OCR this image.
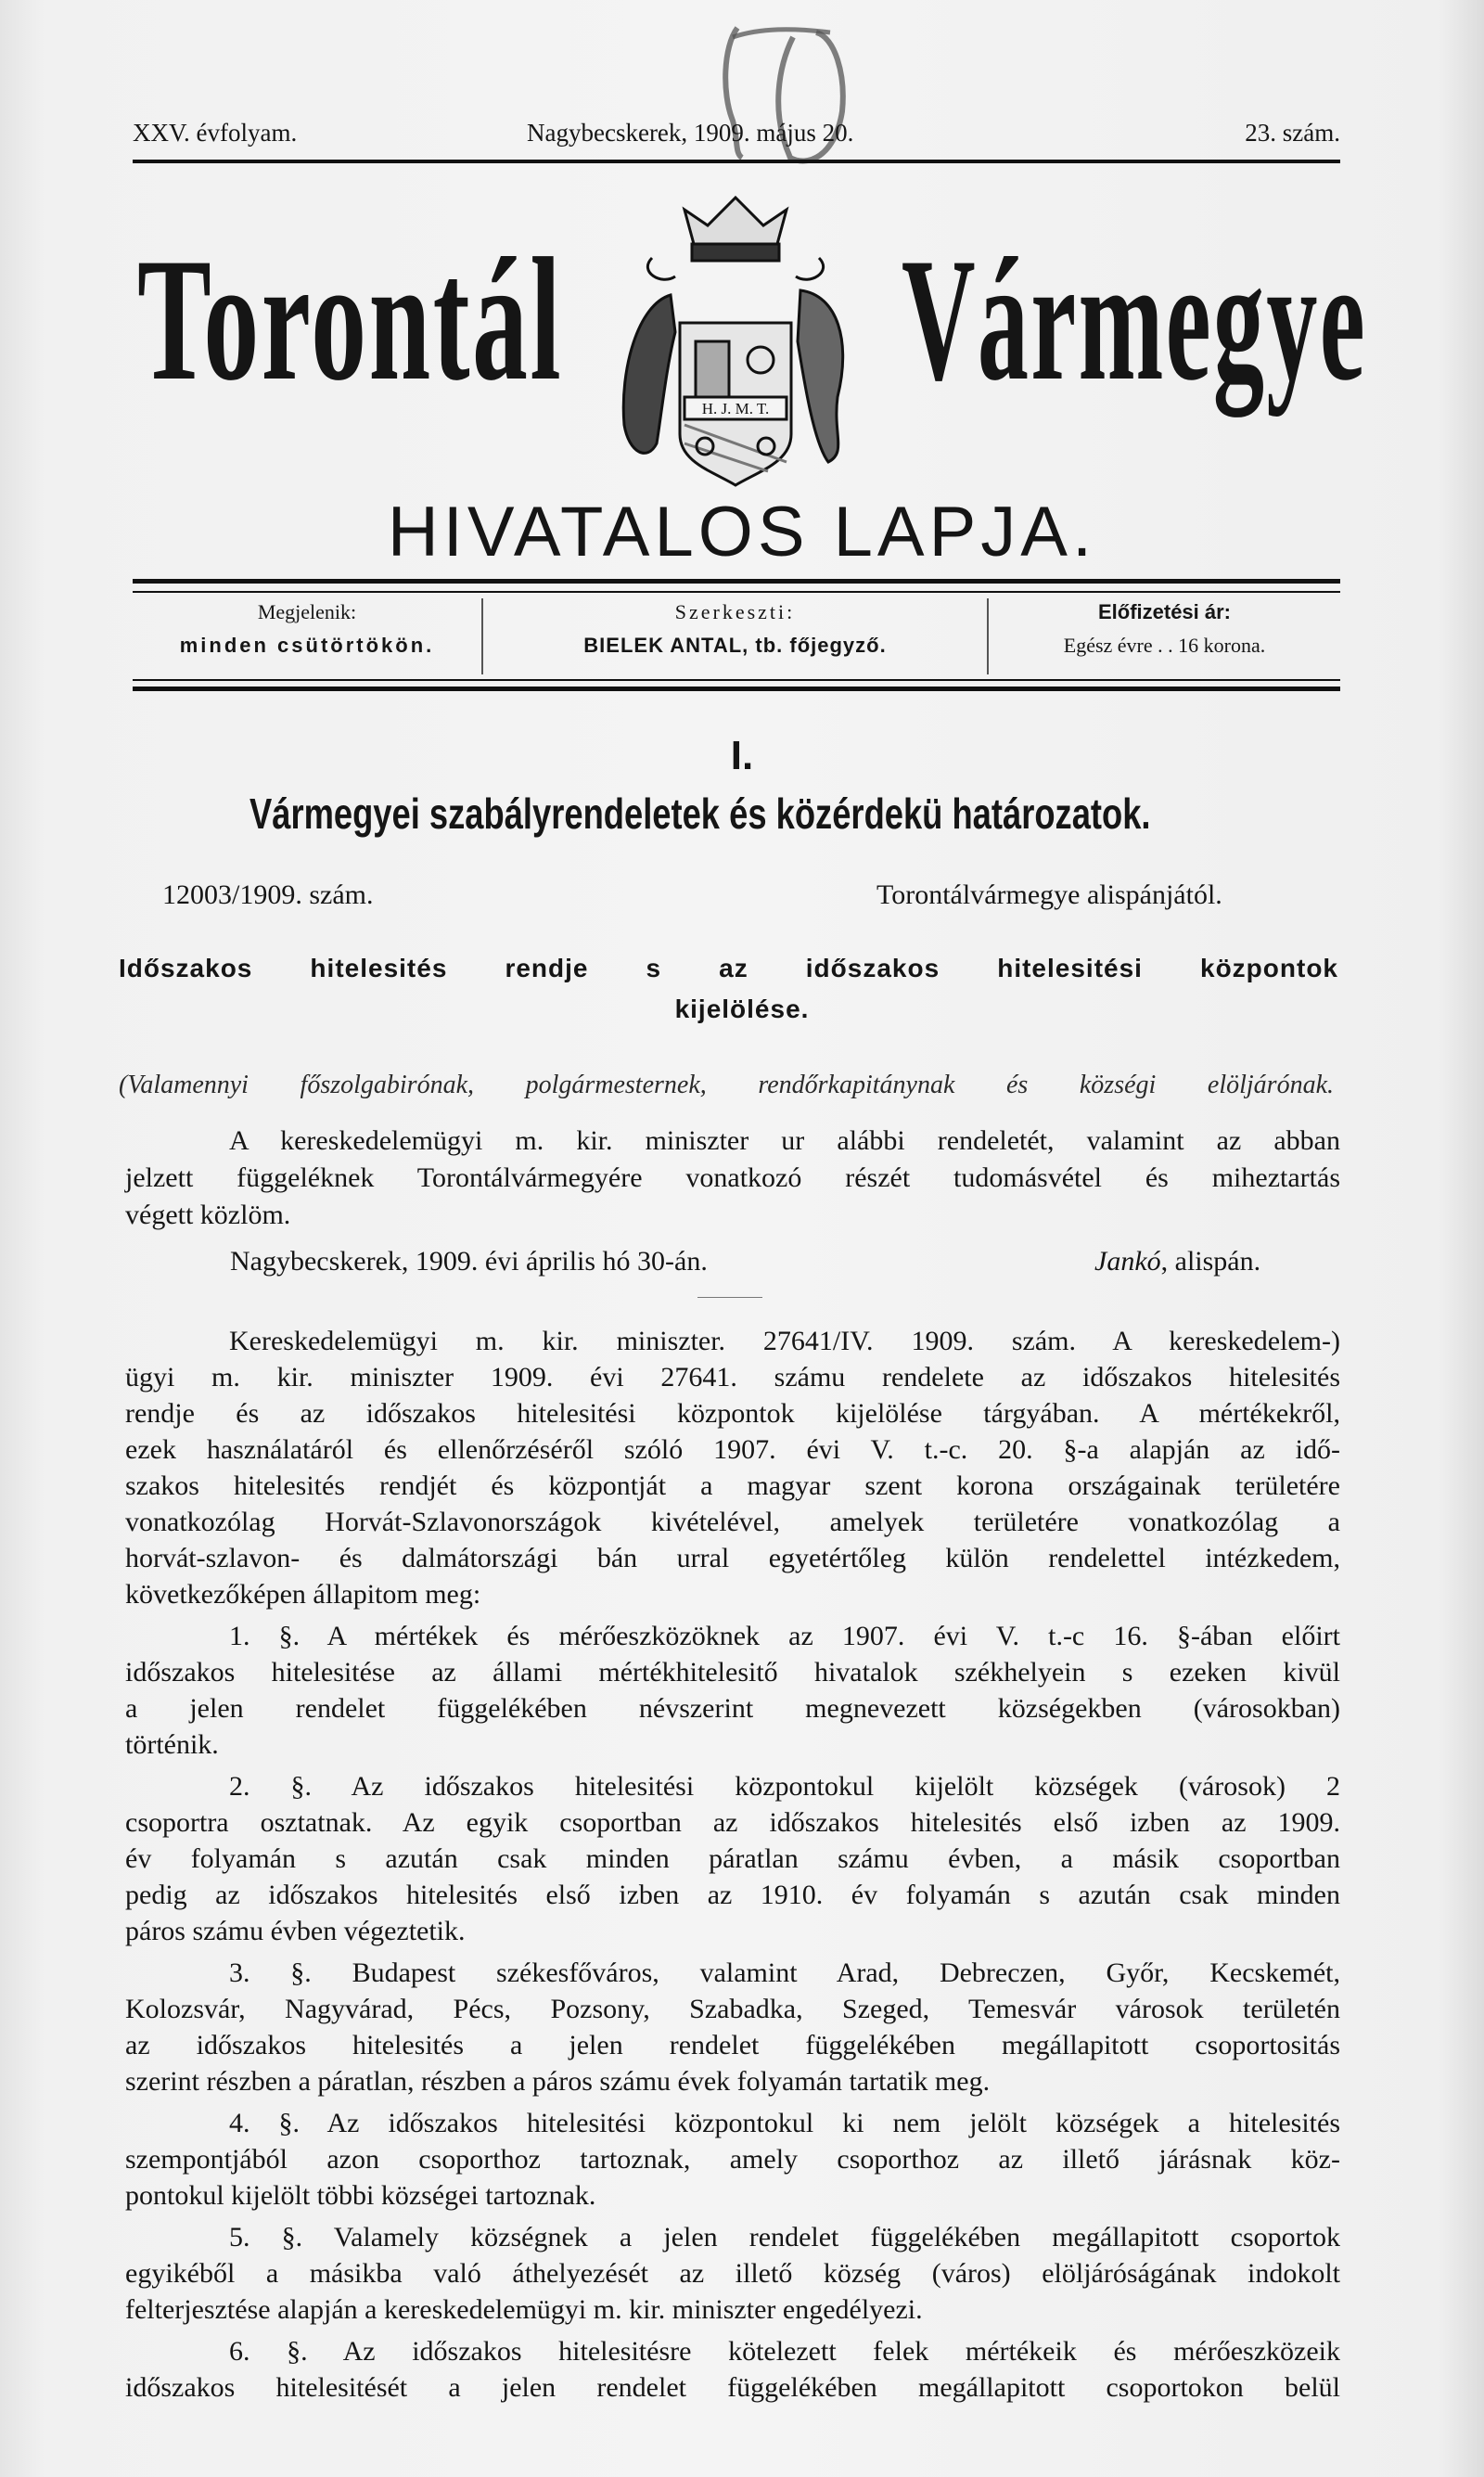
XXV. évfolyam.	Nagybecskerek, 1909. május 20.	23. szám.
Torontál Vármegye
H. J. M. T.
HIVATALOS LAPJA.
Megjelenik:
minden csütörtökön.
Szerkeszti:
BIELEK ANTAL, tb. főjegyző.
Előfizetési ár:
Egész évre . . 16 korona.
I.
Vármegyei szabályrendeletek és közérdekü határozatok.
12003/1909. szám.	Torontálvármegye alispánjától.
Időszakos hitelesités rendje s az időszakos hitelesitési központok
kijelölése.
(Valamennyi főszolgabirónak, polgármesternek, rendőrkapitánynak és községi elöljárónak.
A kereskedelemügyi m. kir. miniszter ur alábbi rendeletét, valamint az abban
jelzett függeléknek Torontálvármegyére vonatkozó részét tudomásvétel és miheztartás
végett közlöm.
Nagybecskerek, 1909. évi április hó 30-án.	Jankó, alispán.
Kereskedelemügyi m. kir. miniszter. 27641/IV. 1909. szám. A kereskedelem-)
ügyi m. kir. miniszter 1909. évi 27641. számu rendelete az időszakos hitelesités
rendje és az időszakos hitelesitési központok kijelölése tárgyában. A mértékekről,
ezek használatáról és ellenőrzéséről szóló 1907. évi V. t.-c. 20. §-a alapján az idő-
szakos hitelesités rendjét és központját a magyar szent korona országainak területére
vonatkozólag Horvát-Szlavonországok kivételével, amelyek területére vonatkozólag a
horvát-szlavon- és dalmátországi bán urral egyetértőleg külön rendelettel intézkedem,
következőképen állapitom meg:
1. §. A mértékek és mérőeszközöknek az 1907. évi V. t.-c 16. §-ában előirt
időszakos hitelesitése az állami mértékhitelesitő hivatalok székhelyein s ezeken kivül
a jelen rendelet függelékében névszerint megnevezett községekben (városokban)
történik.
2. §. Az időszakos hitelesitési központokul kijelölt községek (városok) 2
csoportra osztatnak. Az egyik csoportban az időszakos hitelesités első izben az 1909.
év folyamán s azután csak minden páratlan számu évben, a másik csoportban
pedig az időszakos hitelesités első izben az 1910. év folyamán s azután csak minden
páros számu évben végeztetik.
3. §. Budapest székesfőváros, valamint Arad, Debreczen, Győr, Kecskemét,
Kolozsvár, Nagyvárad, Pécs, Pozsony, Szabadka, Szeged, Temesvár városok területén
az időszakos hitelesités a jelen rendelet függelékében megállapitott csoportositás
szerint részben a páratlan, részben a páros számu évek folyamán tartatik meg.
4. §. Az időszakos hitelesitési központokul ki nem jelölt községek a hitelesités
szempontjából azon csoporthoz tartoznak, amely csoporthoz az illető járásnak köz-
pontokul kijelölt többi községei tartoznak.
5. §. Valamely községnek a jelen rendelet függelékében megállapitott csoportok
egyikéből a másikba való áthelyezését az illető község (város) elöljáróságának indokolt
felterjesztése alapján a kereskedelemügyi m. kir. miniszter engedélyezi.
6. §. Az időszakos hitelesitésre kötelezett felek mértékeik és mérőeszközeik
időszakos hitelesitését a jelen rendelet függelékében megállapitott csoportokon belül
